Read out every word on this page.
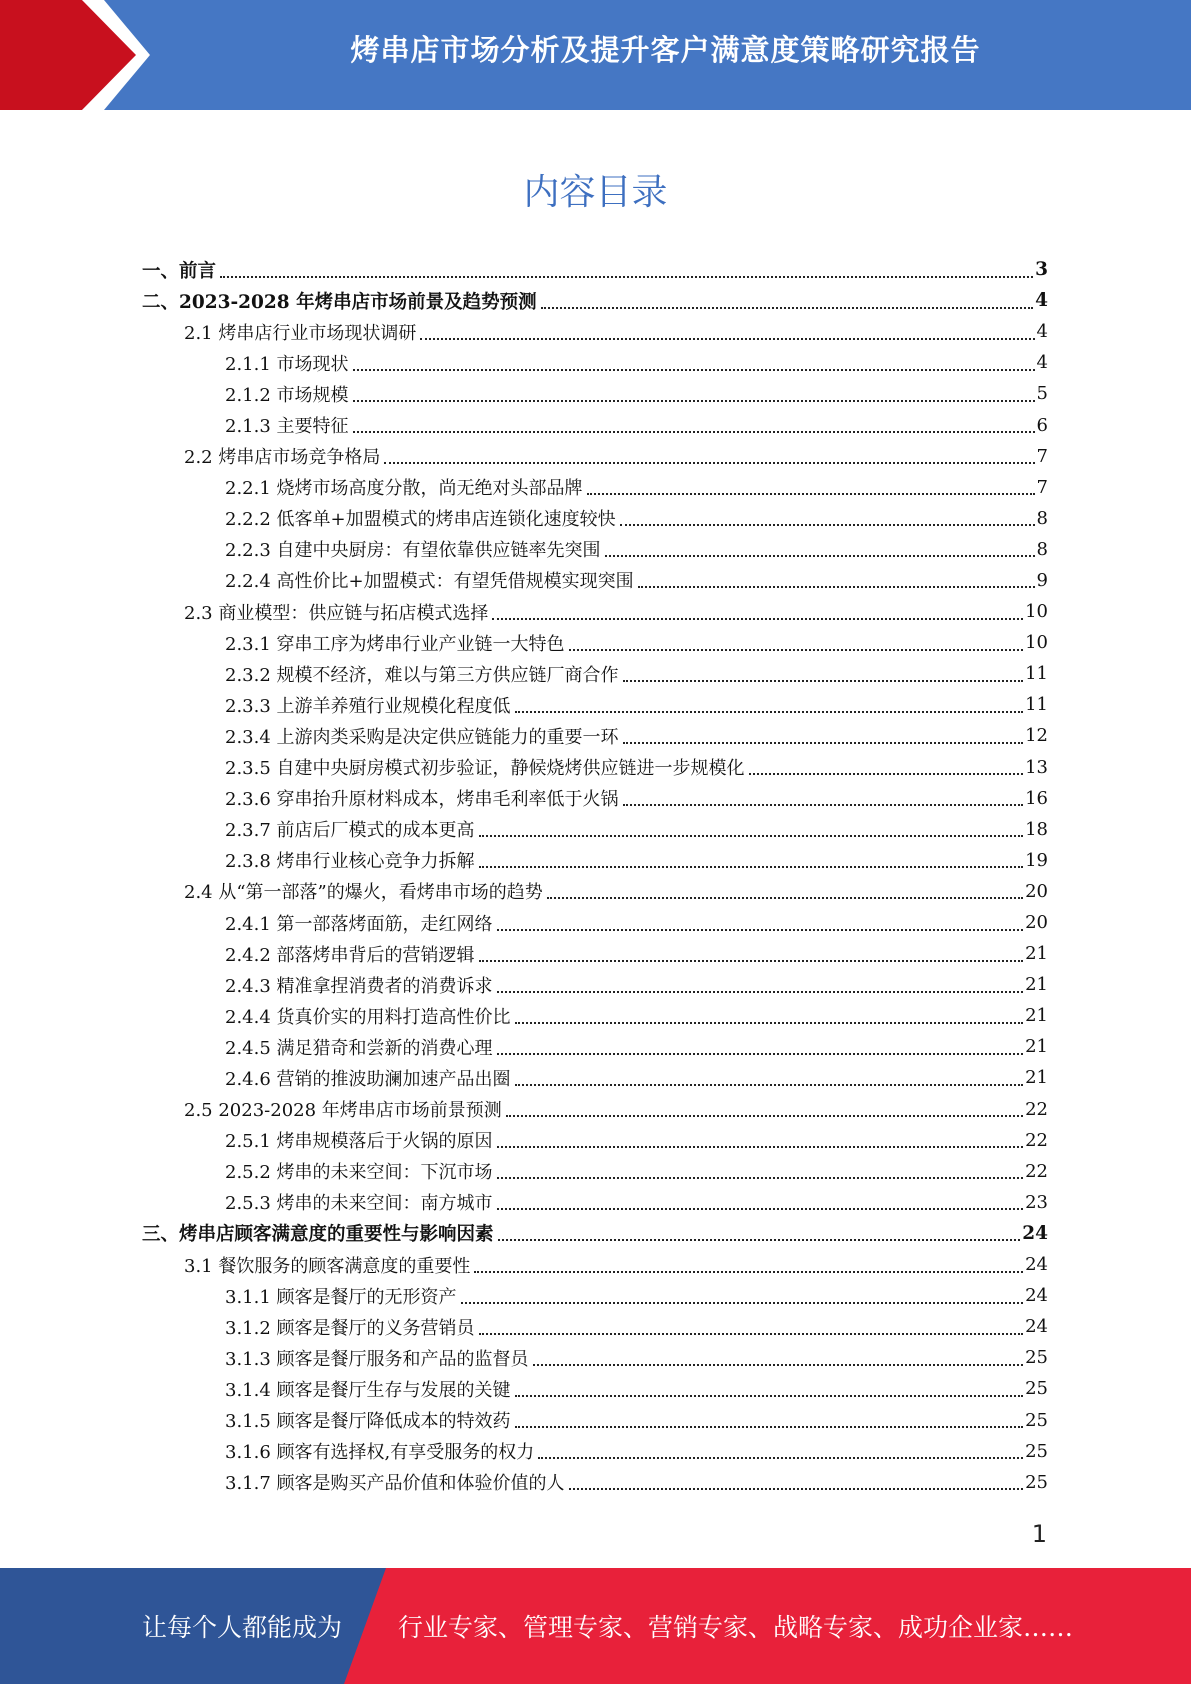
烤串店市场分析及提升客户满意度策略研究报告
内容目录
一、前言	3
二、2023-2028 年烤串店市场前景及趋势预测	4
2.1 烤串店行业市场现状调研	4
2.1.1 市场现状	4
2.1.2 市场规模	5
2.1.3 主要特征	6
2.2 烤串店市场竞争格局	7
2.2.1 烧烤市场高度分散，尚无绝对头部品牌	7
2.2.2 低客单+加盟模式的烤串店连锁化速度较快	8
2.2.3 自建中央厨房：有望依靠供应链率先突围	8
2.2.4 高性价比+加盟模式：有望凭借规模实现突围	9
2.3 商业模型：供应链与拓店模式选择	10
2.3.1 穿串工序为烤串行业产业链一大特色	10
2.3.2 规模不经济，难以与第三方供应链厂商合作	11
2.3.3 上游羊养殖行业规模化程度低	11
2.3.4 上游肉类采购是决定供应链能力的重要一环	12
2.3.5 自建中央厨房模式初步验证，静候烧烤供应链进一步规模化	13
2.3.6 穿串抬升原材料成本，烤串毛利率低于火锅	16
2.3.7 前店后厂模式的成本更高	18
2.3.8 烤串行业核心竞争力拆解	19
2.4 从“第一部落”的爆火，看烤串市场的趋势	20
2.4.1 第一部落烤面筋，走红网络	20
2.4.2 部落烤串背后的营销逻辑	21
2.4.3 精准拿捏消费者的消费诉求	21
2.4.4 货真价实的用料打造高性价比	21
2.4.5 满足猎奇和尝新的消费心理	21
2.4.6 营销的推波助澜加速产品出圈	21
2.5 2023-2028 年烤串店市场前景预测	22
2.5.1 烤串规模落后于火锅的原因	22
2.5.2 烤串的未来空间：下沉市场	22
2.5.3 烤串的未来空间：南方城市	23
三、烤串店顾客满意度的重要性与影响因素	24
3.1 餐饮服务的顾客满意度的重要性	24
3.1.1 顾客是餐厅的无形资产	24
3.1.2 顾客是餐厅的义务营销员	24
3.1.3 顾客是餐厅服务和产品的监督员	25
3.1.4 顾客是餐厅生存与发展的关键	25
3.1.5 顾客是餐厅降低成本的特效药	25
3.1.6 顾客有选择权,有享受服务的权力	25
3.1.7 顾客是购买产品价值和体验价值的人	25
1
让每个人都能成为 行业专家、管理专家、营销专家、战略专家、成功企业家……
